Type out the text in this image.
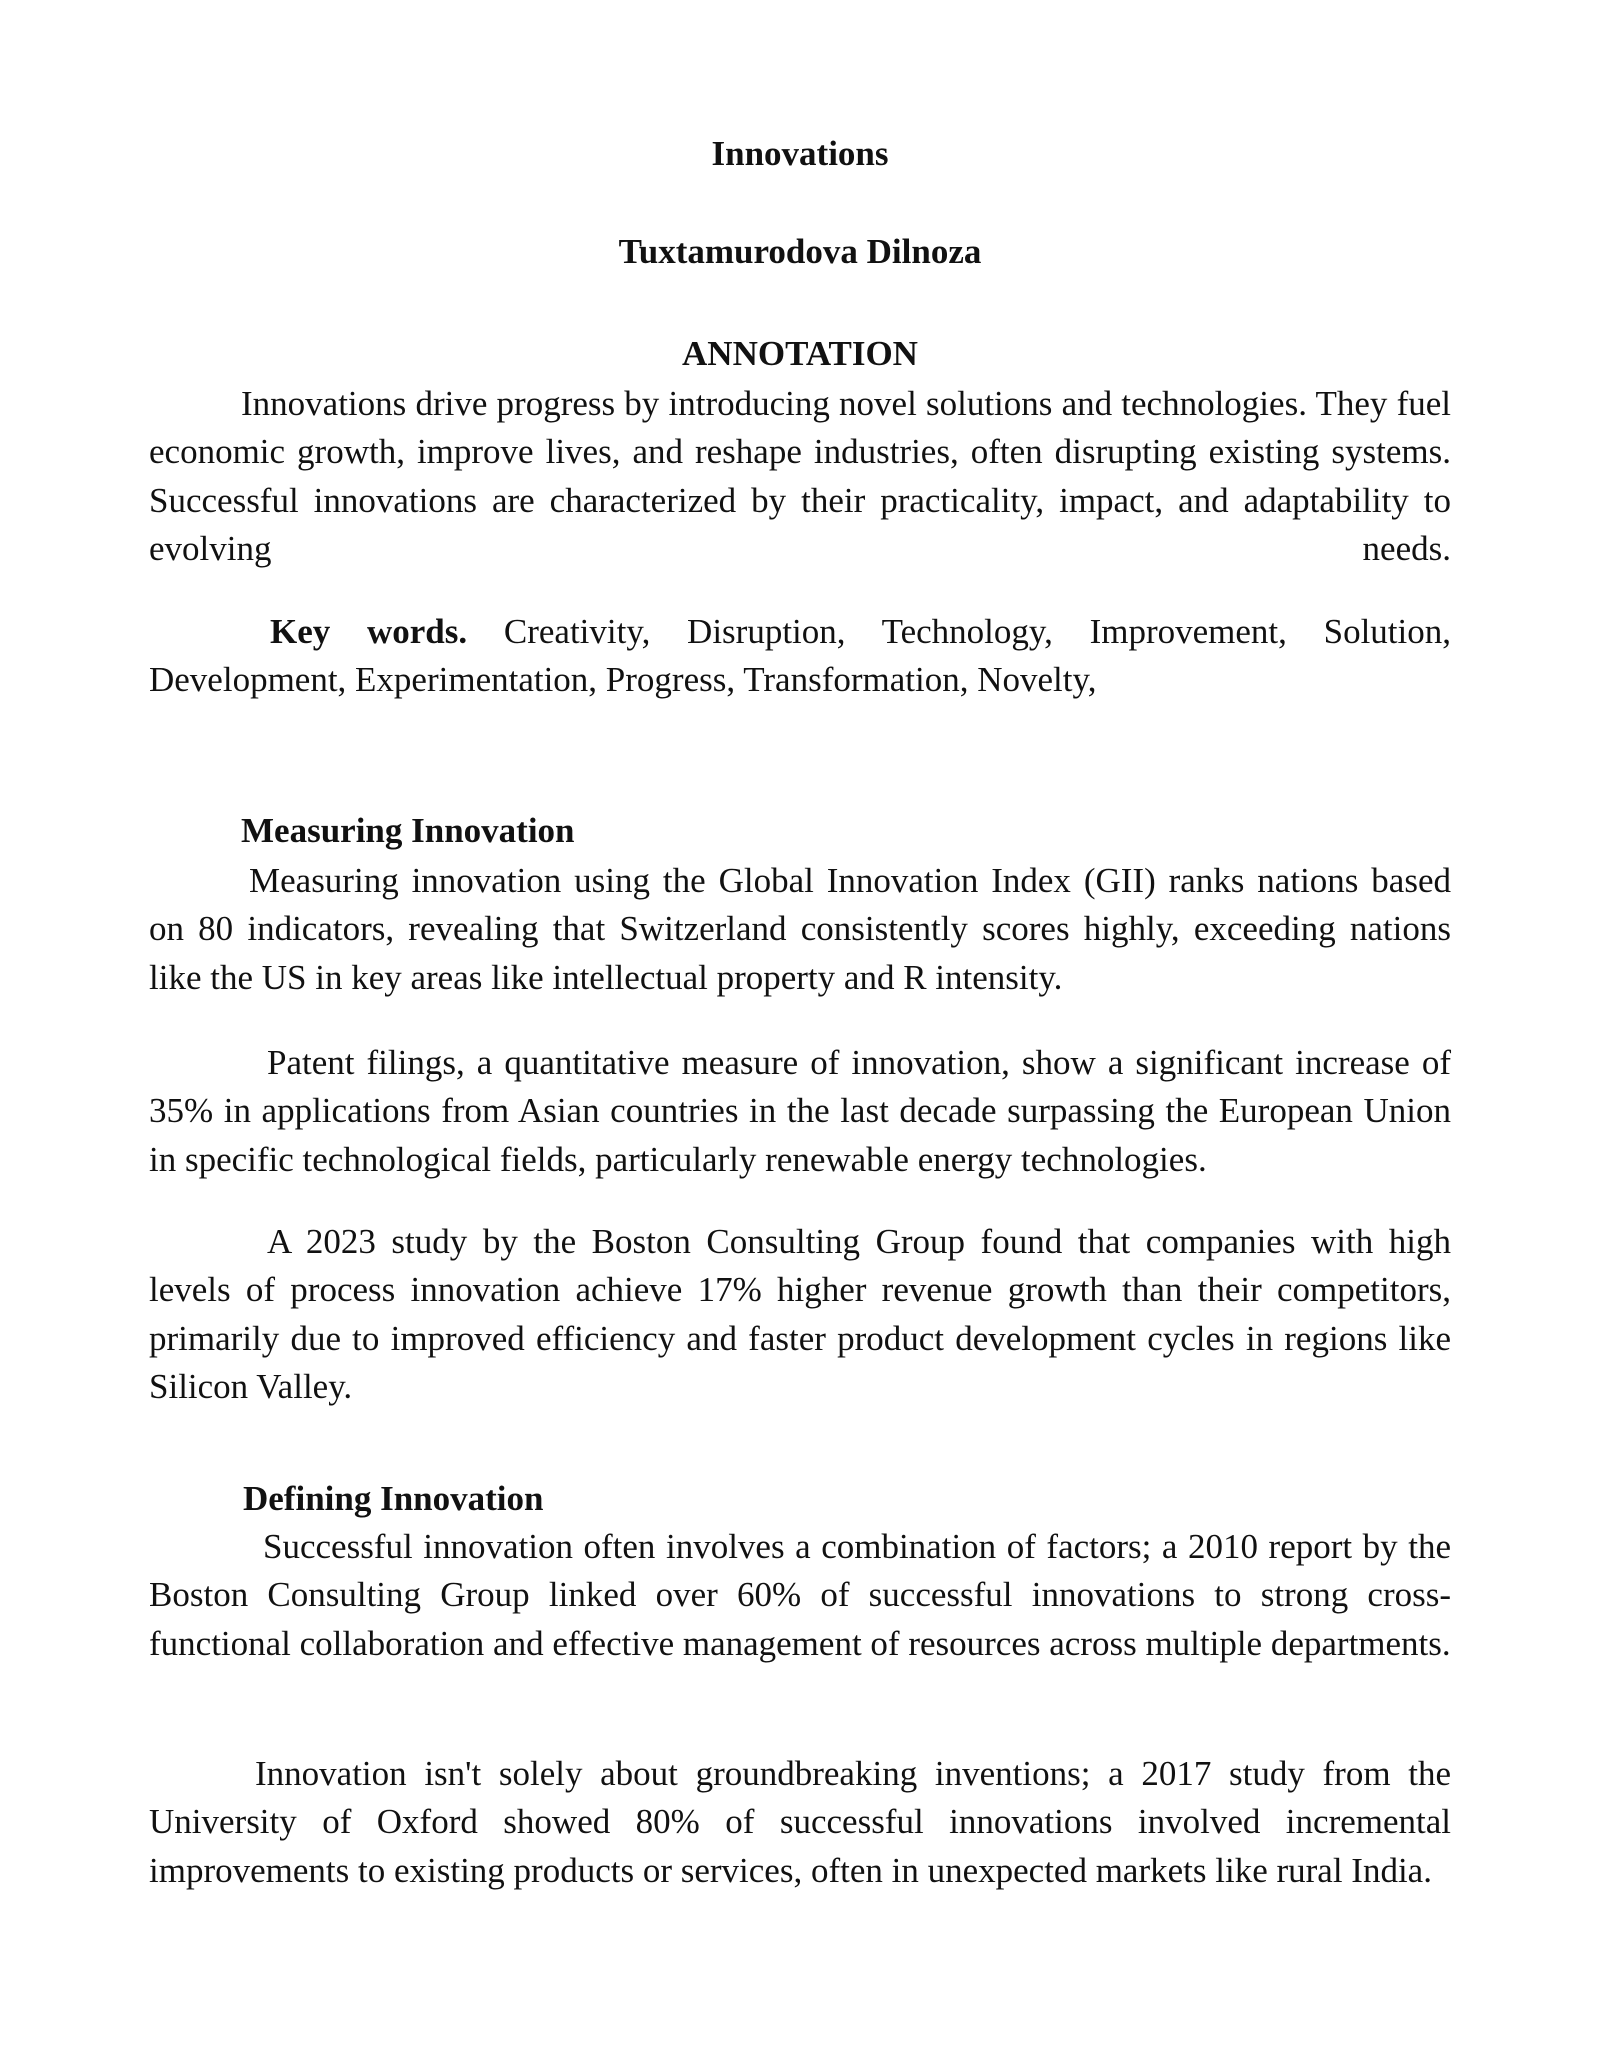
Innovations
Tuxtamurodova Dilnoza
ANNOTATION

Innovations drive progress by introducing novel solutions and technologies. They fuel economic growth, improve lives, and reshape industries, often disrupting existing systems. Successful innovations are characterized by their practicality, impact, and adaptability to evolving needs.

Key words. Creativity, Disruption, Technology, Improvement, Solution, Development, Experimentation, Progress, Transformation, Novelty,

Measuring Innovation

Measuring innovation using the Global Innovation Index (GII) ranks nations based on 80 indicators, revealing that Switzerland consistently scores highly, exceeding nations like the US in key areas like intellectual property and R intensity.

Patent filings, a quantitative measure of innovation, show a significant increase of 35% in applications from Asian countries in the last decade surpassing the European Union in specific technological fields, particularly renewable energy technologies.

A 2023 study by the Boston Consulting Group found that companies with high levels of process innovation achieve 17% higher revenue growth than their competitors, primarily due to improved efficiency and faster product development cycles in regions like Silicon Valley.

Defining Innovation

Successful innovation often involves a combination of factors; a 2010 report by the Boston Consulting Group linked over 60% of successful innovations to strong cross-functional collaboration and effective management of resources across multiple departments.

Innovation isn't solely about groundbreaking inventions; a 2017 study from the University of Oxford showed 80% of successful innovations involved incremental improvements to existing products or services, often in unexpected markets like rural India.
